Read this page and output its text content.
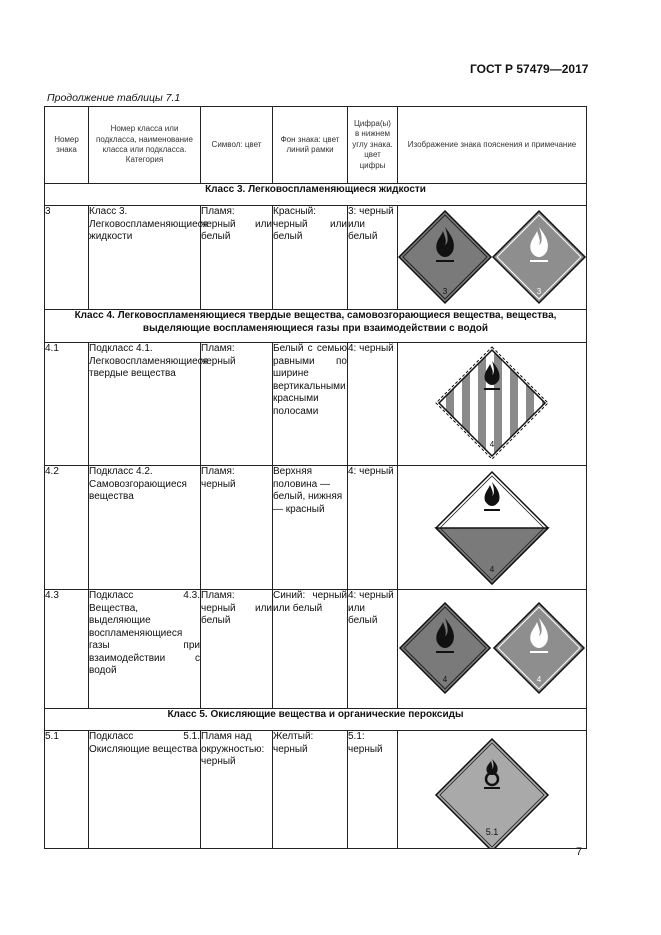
ГОСТ Р 57479—2017
Продолжение таблицы 7.1
Номер знака	Номер класса или подкласса, наименование класса или подкласса. Категория	Символ: цвет	Фон знака: цвет линий рамки	Цифра(ы) в нижнем углу знака. цвет цифры	Изображение знака пояснения и примечание

Класс 3. Легковоспламеняющиеся жидкости					
3	Класс 3. Легковоспламеняющиеся жидкости	Пламя: черный или белый	Красный: черный или белый	3: черный или белый	3 3

Класс 4. Легковоспламеняющиеся твердые вещества, самовозгорающиеся вещества, вещества, выделяющие воспламеняющиеся газы при взаимодействии с водой					
4.1	Подкласс 4.1. Легковоспламеняющиеся твердые вещества	Пламя: черный	Белый с семью равными по ширине вертикальными красными полосами	4: черный	4

4.2	Подкласс 4.2. Самовозгорающиеся вещества	Пламя: черный	Верхняя половина — белый, нижняя — красный	4: черный	4

4.3	Подкласс 4.3. Вещества, выделяющие воспламеняющиеся газы при взаимодействии с водой	Пламя: черный или белый	Синий: черный или белый	4: черный или белый	4 4

Класс 5. Окисляющие вещества и органические пероксиды					
5.1	Подкласс 5.1. Окисляющие вещества	Пламя над окружностью: черный	Желтый: черный	5.1: черный	5.1
7
